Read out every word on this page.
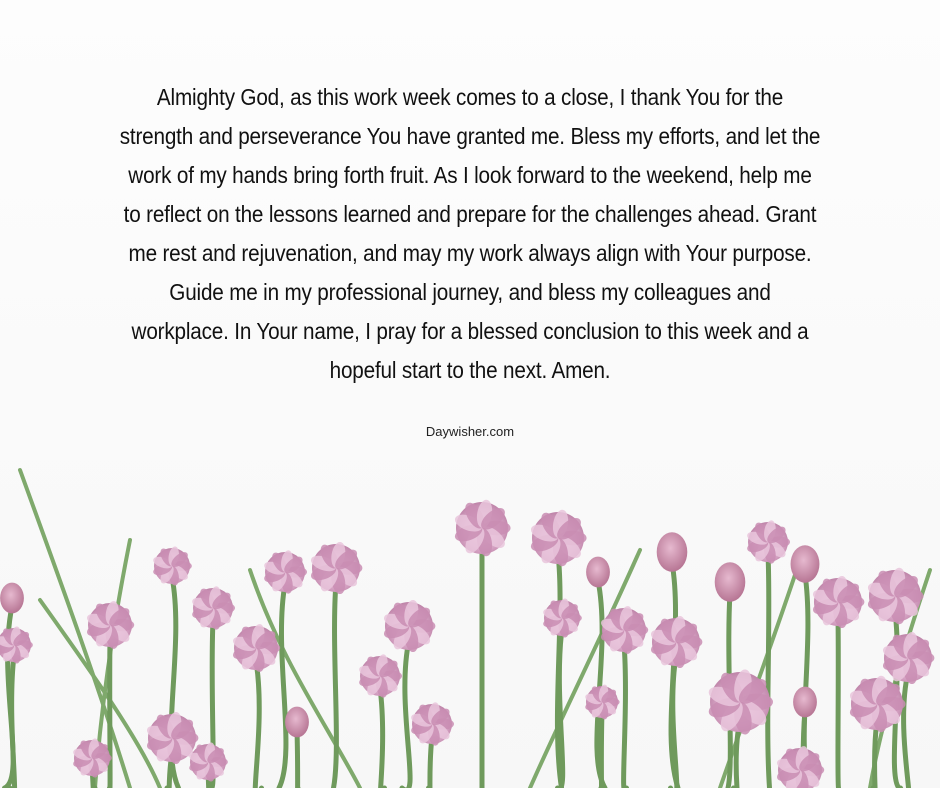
Almighty God, as this work week comes to a close, I thank You for the strength and perseverance You have granted me. Bless my efforts, and let the work of my hands bring forth fruit. As I look forward to the weekend, help me to reflect on the lessons learned and prepare for the challenges ahead. Grant me rest and rejuvenation, and may my work always align with Your purpose. Guide me in my professional journey, and bless my colleagues and workplace. In Your name, I pray for a blessed conclusion to this week and a hopeful start to the next. Amen.

Daywisher.com
